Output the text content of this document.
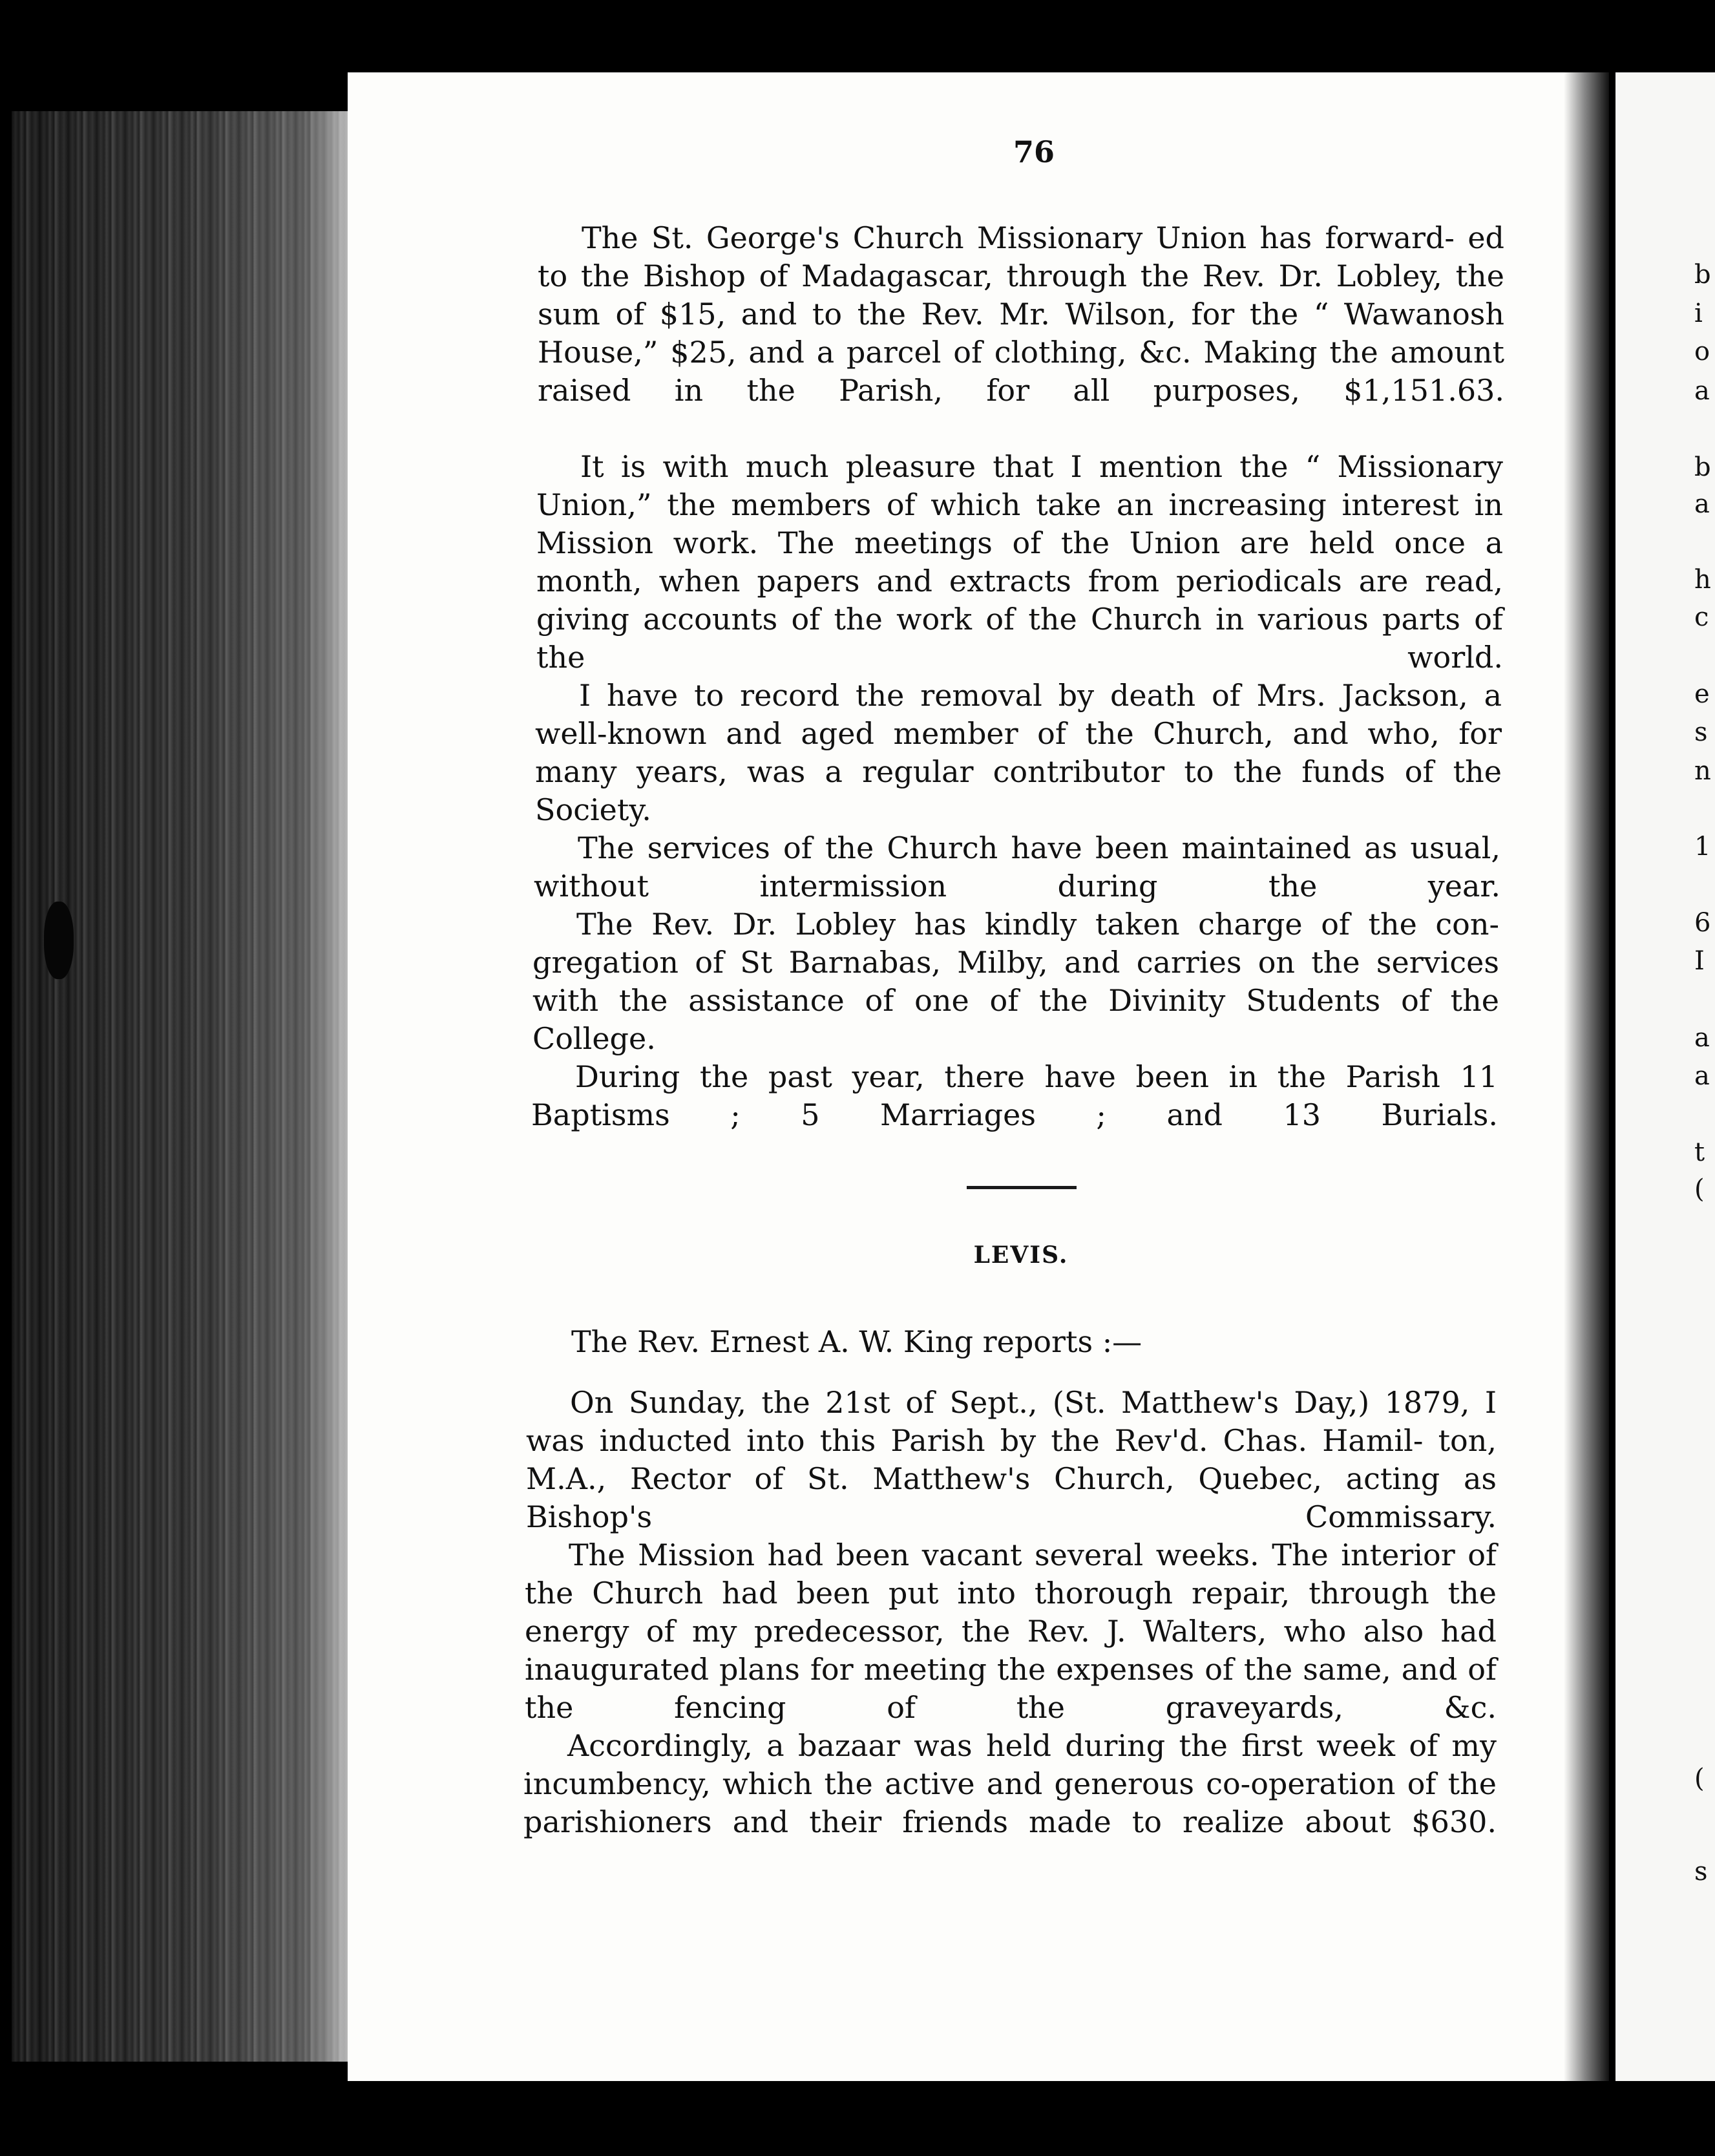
76

The St. George's Church Missionary Union has forward- ed to the Bishop of Madagascar, through the Rev. Dr. Lobley, the sum of $15, and to the Rev. Mr. Wilson, for the “ Wawanosh House,” $25, and a parcel of clothing, &c. Making the amount raised in the Parish, for all purposes, $1,151.63.

It is with much pleasure that I mention the “ Missionary Union,” the members of which take an increasing interest in Mission work. The meetings of the Union are held once a month, when papers and extracts from periodicals are read, giving accounts of the work of the Church in various parts of the world.

I have to record the removal by death of Mrs. Jackson, a well-known and aged member of the Church, and who, for many years, was a regular contributor to the funds of the Society.

The services of the Church have been maintained as usual, without intermission during the year.

The Rev. Dr. Lobley has kindly taken charge of the con- gregation of St Barnabas, Milby, and carries on the services with the assistance of one of the Divinity Students of the College.

During the past year, there have been in the Parish 11 Baptisms ; 5 Marriages ; and 13 Burials.

LEVIS.

The Rev. Ernest A. W. King reports :—

On Sunday, the 21st of Sept., (St. Matthew's Day,) 1879, I was inducted into this Parish by the Rev'd. Chas. Hamil- ton, M.A., Rector of St. Matthew's Church, Quebec, acting as Bishop's Commissary.

The Mission had been vacant several weeks. The interior of the Church had been put into thorough repair, through the energy of my predecessor, the Rev. J. Walters, who also had inaugurated plans for meeting the expenses of the same, and of the fencing of the graveyards, &c.

Accordingly, a bazaar was held during the first week of my incumbency, which the active and generous co-operation of the parishioners and their friends made to realize about $630.

b
i
o
a
b
a
h
c
e
s
n
1
6
I
a
a
t
(
(
s
